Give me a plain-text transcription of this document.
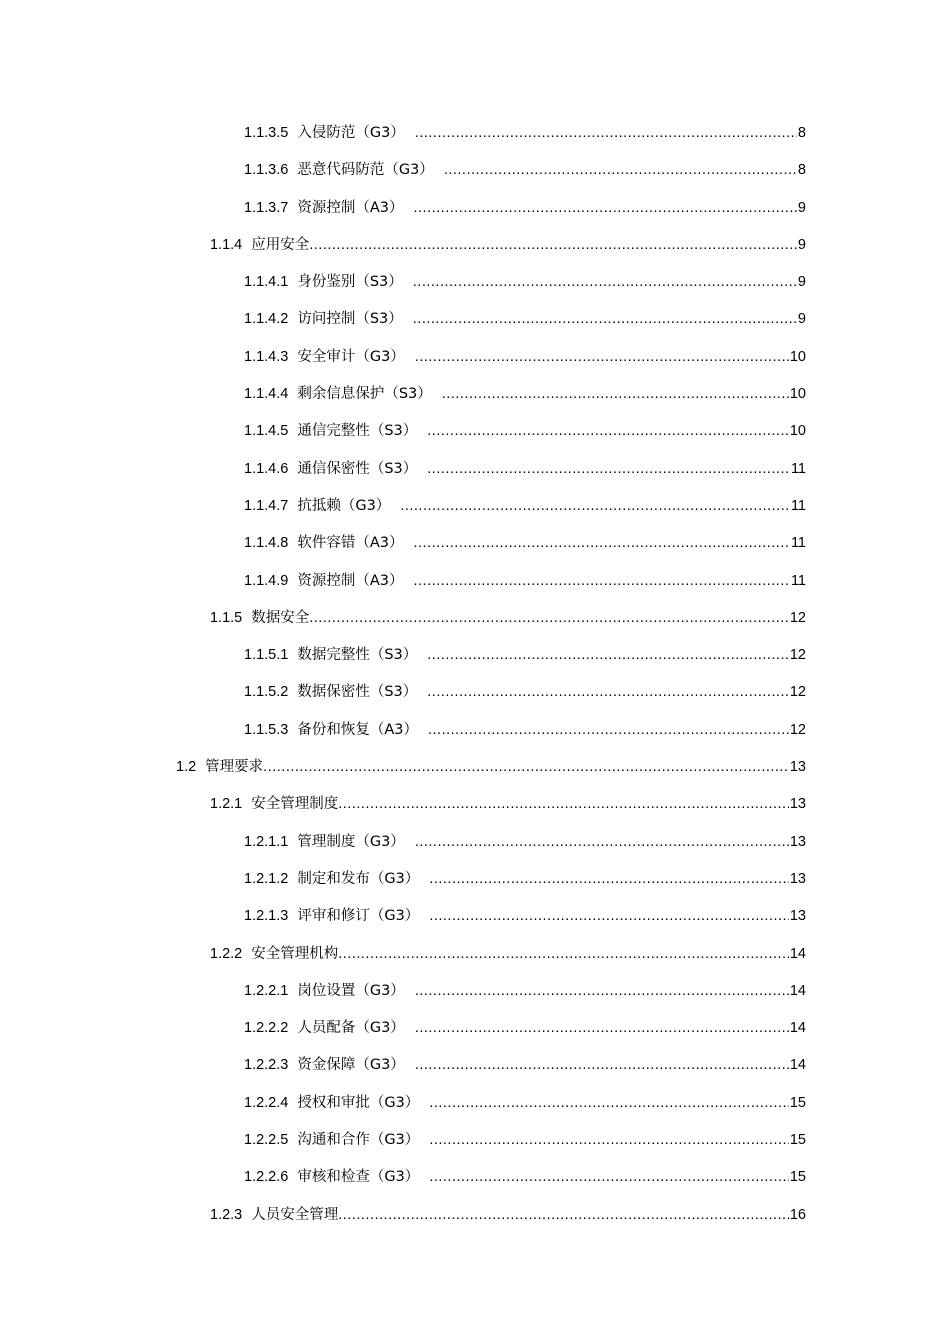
1.1.3.5 入侵防范（G3） .....	8
1.1.3.6 恶意代码防范（G3） .....	8
1.1.3.7 资源控制（A3） .....	9
1.1.4 应用安全 .....	9
1.1.4.1 身份鉴别（S3） .....	9
1.1.4.2 访问控制（S3） .....	9
1.1.4.3 安全审计（G3） .....	10
1.1.4.4 剩余信息保护（S3） .....	10
1.1.4.5 通信完整性（S3） .....	10
1.1.4.6 通信保密性（S3） .....	11
1.1.4.7 抗抵赖（G3） .....	11
1.1.4.8 软件容错（A3） .....	11
1.1.4.9 资源控制（A3） .....	11
1.1.5 数据安全 .....	12
1.1.5.1 数据完整性（S3） .....	12
1.1.5.2 数据保密性（S3） .....	12
1.1.5.3 备份和恢复（A3） .....	12
1.2 管理要求 .....	13
1.2.1 安全管理制度 .....	13
1.2.1.1 管理制度（G3） .....	13
1.2.1.2 制定和发布（G3） .....	13
1.2.1.3 评审和修订（G3） .....	13
1.2.2 安全管理机构 .....	14
1.2.2.1 岗位设置（G3） .....	14
1.2.2.2 人员配备（G3） .....	14
1.2.2.3 资金保障（G3） .....	14
1.2.2.4 授权和审批（G3） .....	15
1.2.2.5 沟通和合作（G3） .....	15
1.2.2.6 审核和检查（G3） .....	15
1.2.3 人员安全管理 .....	16
